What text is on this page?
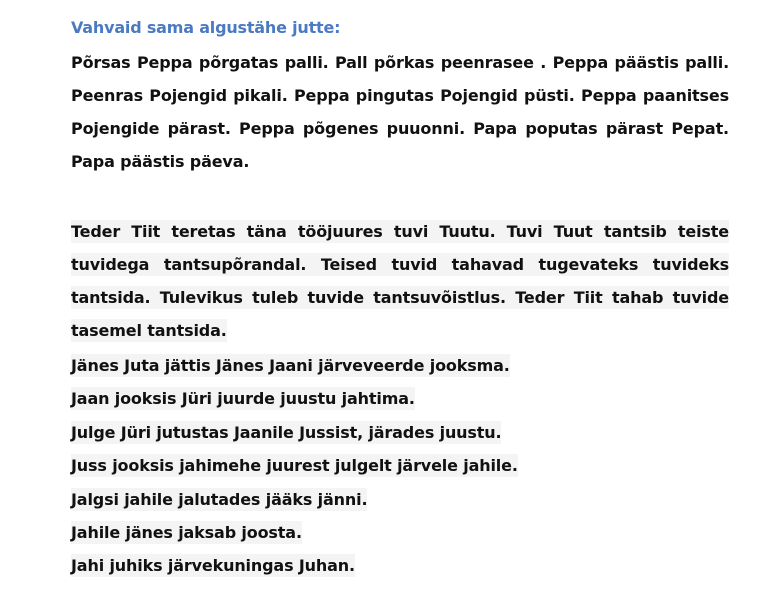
Vahvaid sama algustähe jutte:
Põrsas Peppa põrgatas palli. Pall põrkas peenrasee . Peppa päästis palli. Peenras Pojengid pikali. Peppa pingutas Pojengid püsti. Peppa paanitses Pojengide pärast. Peppa põgenes puuonni. Papa poputas pärast Pepat. Papa päästis päeva.
Teder Tiit teretas täna tööjuures tuvi Tuutu. Tuvi Tuut tantsib teiste tuvidega tantsupõrandal. Teised tuvid tahavad tugevateks tuvideks tantsida. Tulevikus tuleb tuvide tantsuvõistlus. Teder Tiit tahab tuvide tasemel tantsida.
Jänes Juta jättis Jänes Jaani järveveerde jooksma.
Jaan jooksis Jüri juurde juustu jahtima.
Julge Jüri jutustas Jaanile Jussist, järades juustu.
Juss jooksis jahimehe juurest julgelt järvele jahile.
Jalgsi jahile jalutades jääks jänni.
Jahile jänes jaksab joosta.
Jahi juhiks järvekuningas Juhan.
